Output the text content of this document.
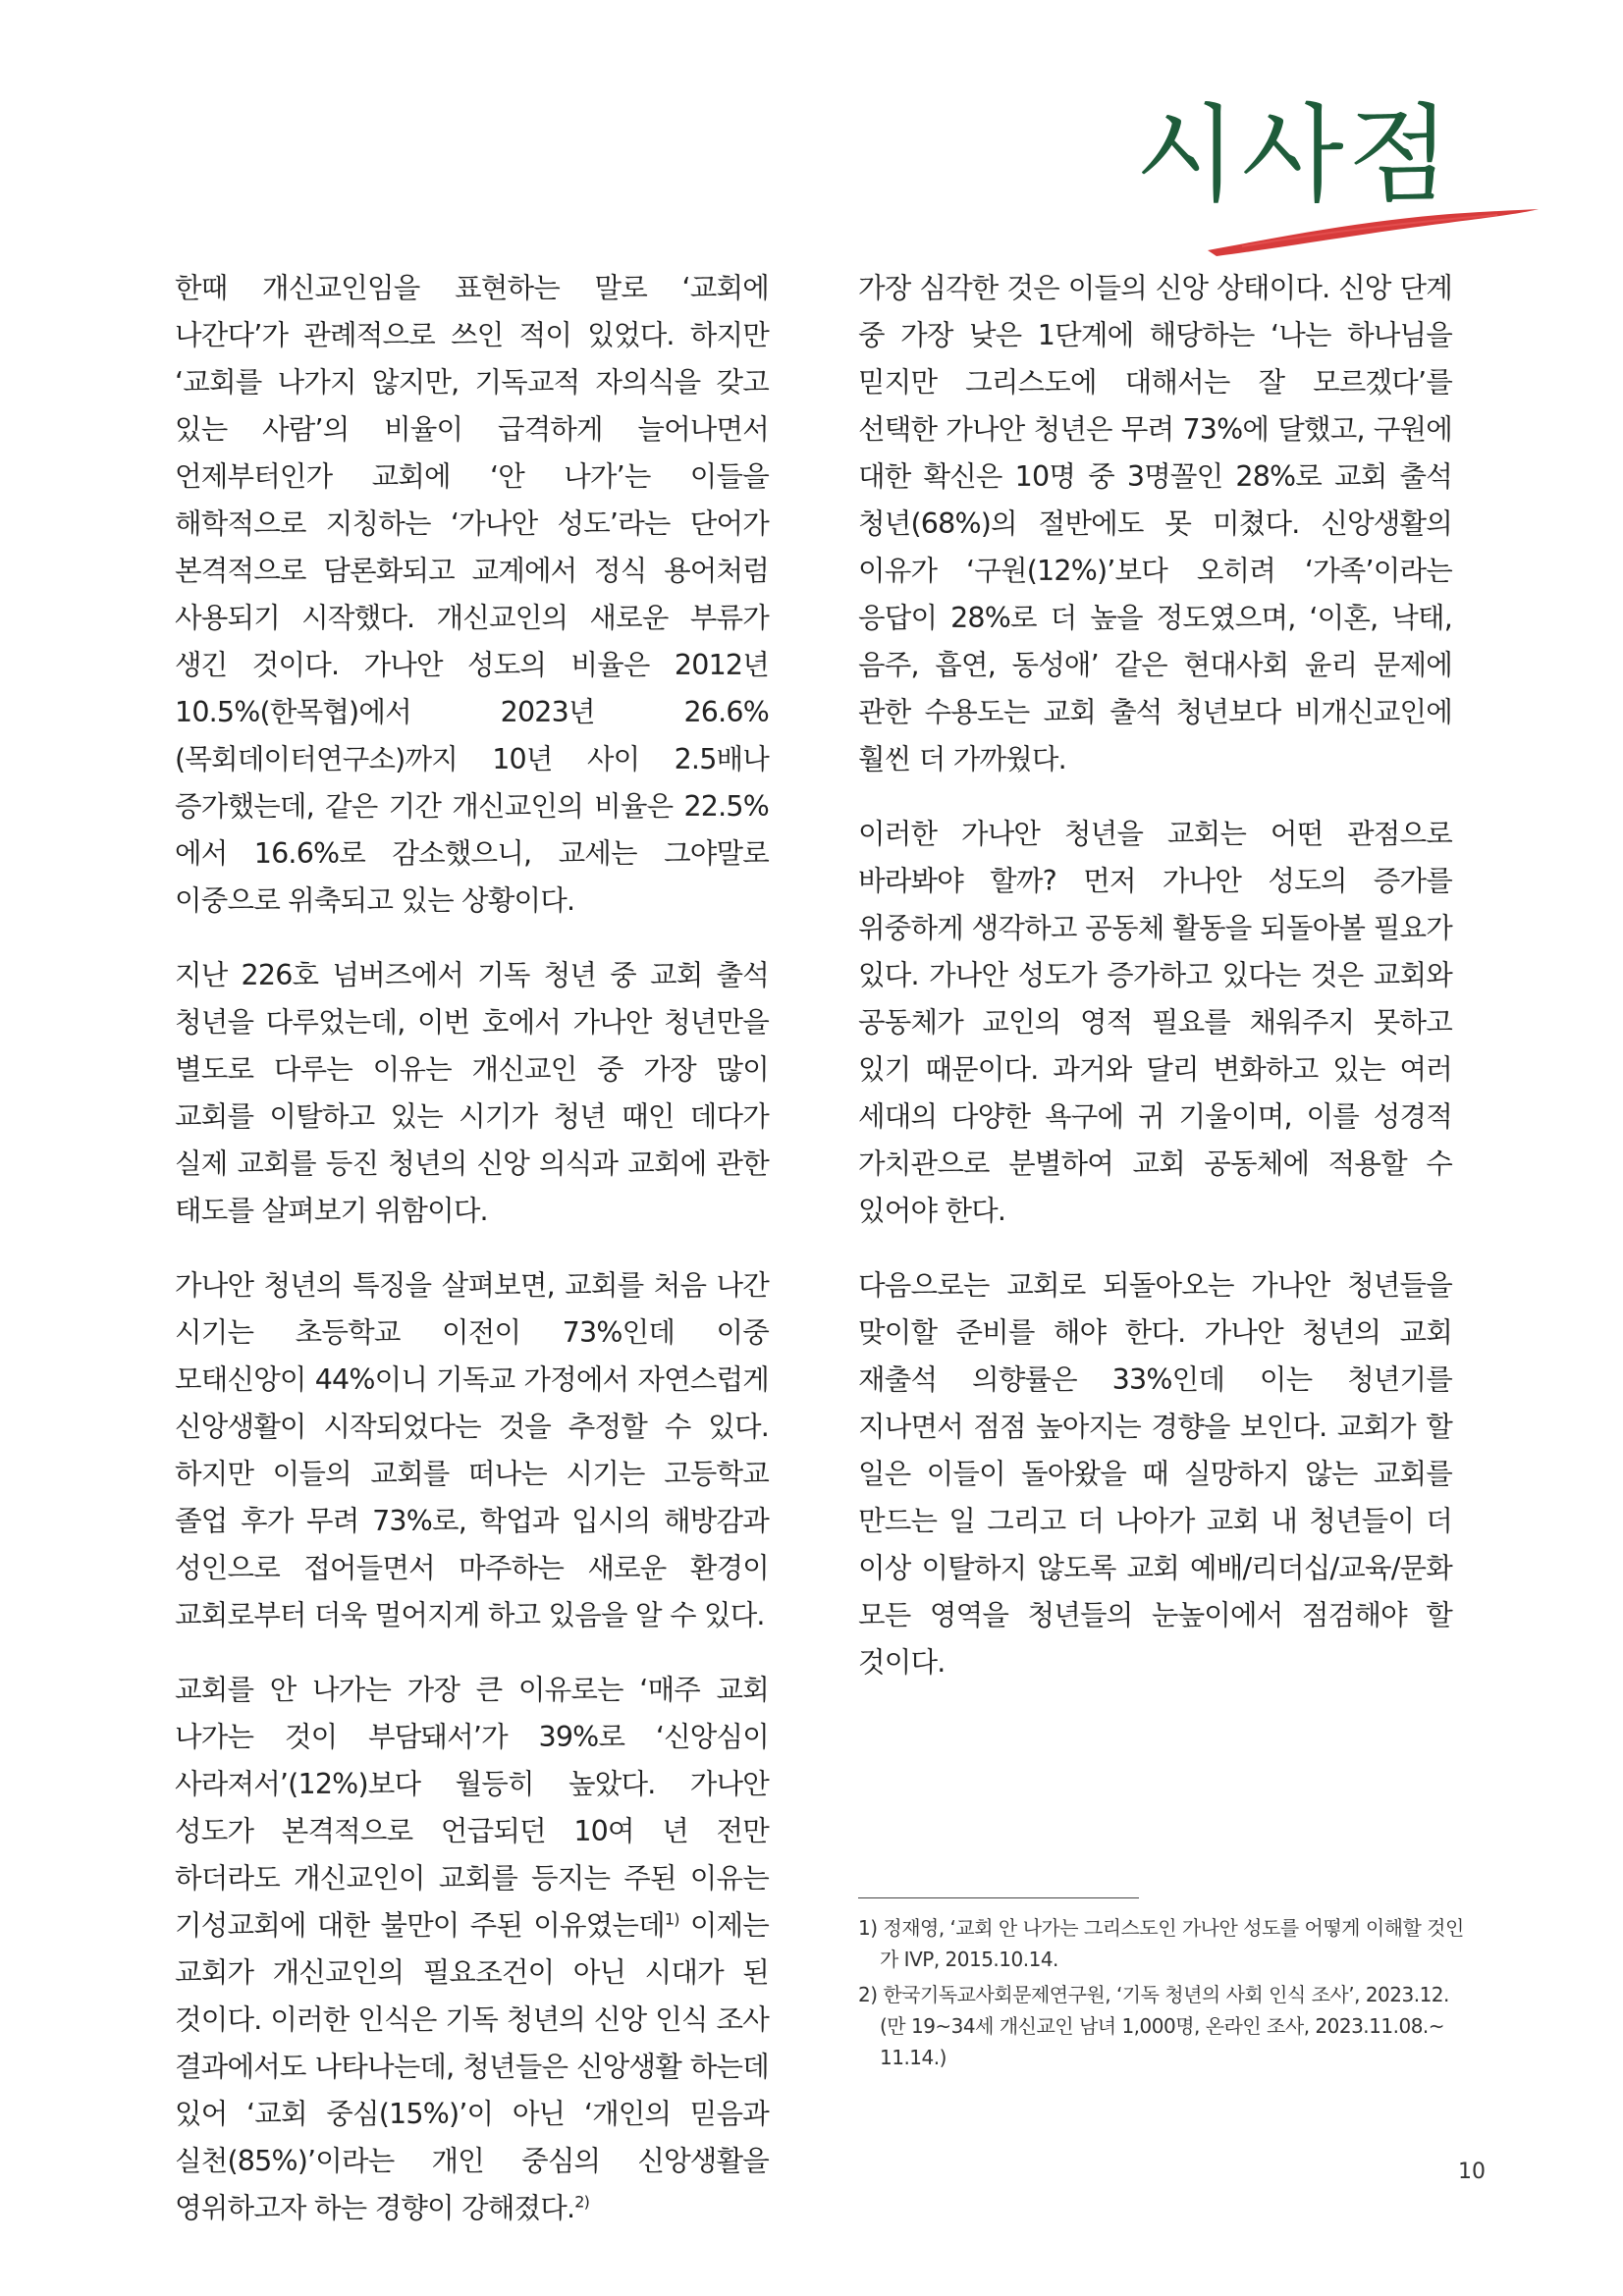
시사점

한때 개신교인임을 표현하는 말로 ‘교회에 나간다’가 관례적으로 쓰인 적이 있었다. 하지만 ‘교회를 나가지 않지만, 기독교적 자의식을 갖고 있는 사람’의 비율이 급격하게 늘어나면서 언제부터인가 교회에 ‘안 나가’는 이들을 해학적으로 지칭하는 ‘가나안 성도’라는 단어가 본격적으로 담론화되고 교계에서 정식 용어처럼 사용되기 시작했다. 개신교인의 새로운 부류가 생긴 것이다. 가나안 성도의 비율은 2012년 10.5%(한목협)에서 2023년 26.6%(목회데이터연구소)까지 10년 사이 2.5배나 증가했는데, 같은 기간 개신교인의 비율은 22.5%에서 16.6%로 감소했으니, 교세는 그야말로 이중으로 위축되고 있는 상황이다.

지난 226호 넘버즈에서 기독 청년 중 교회 출석 청년을 다루었는데, 이번 호에서 가나안 청년만을 별도로 다루는 이유는 개신교인 중 가장 많이 교회를 이탈하고 있는 시기가 청년 때인 데다가 실제 교회를 등진 청년의 신앙 의식과 교회에 관한 태도를 살펴보기 위함이다.

가나안 청년의 특징을 살펴보면, 교회를 처음 나간 시기는 초등학교 이전이 73%인데 이중 모태신앙이 44%이니 기독교 가정에서 자연스럽게 신앙생활이 시작되었다는 것을 추정할 수 있다. 하지만 이들의 교회를 떠나는 시기는 고등학교 졸업 후가 무려 73%로, 학업과 입시의 해방감과 성인으로 접어들면서 마주하는 새로운 환경이 교회로부터 더욱 멀어지게 하고 있음을 알 수 있다.

교회를 안 나가는 가장 큰 이유로는 ‘매주 교회 나가는 것이 부담돼서’가 39%로 ‘신앙심이 사라져서’(12%)보다 월등히 높았다. 가나안 성도가 본격적으로 언급되던 10여 년 전만 하더라도 개신교인이 교회를 등지는 주된 이유는 기성교회에 대한 불만이 주된 이유였는데$^{1)}$ 이제는 교회가 개신교인의 필요조건이 아닌 시대가 된 것이다. 이러한 인식은 기독 청년의 신앙 인식 조사 결과에서도 나타나는데, 청년들은 신앙생활 하는데 있어 ‘교회 중심(15%)’이 아닌 ‘개인의 믿음과 실천(85%)’이라는 개인 중심의 신앙생활을 영위하고자 하는 경향이 강해졌다.$^{2)}$

가장 심각한 것은 이들의 신앙 상태이다. 신앙 단계 중 가장 낮은 1단계에 해당하는 ‘나는 하나님을 믿지만 그리스도에 대해서는 잘 모르겠다’를 선택한 가나안 청년은 무려 73%에 달했고, 구원에 대한 확신은 10명 중 3명꼴인 28%로 교회 출석 청년(68%)의 절반에도 못 미쳤다. 신앙생활의 이유가 ‘구원(12%)’보다 오히려 ‘가족’이라는 응답이 28%로 더 높을 정도였으며, ‘이혼, 낙태, 음주, 흡연, 동성애’ 같은 현대사회 윤리 문제에 관한 수용도는 교회 출석 청년보다 비개신교인에 훨씬 더 가까웠다.

이러한 가나안 청년을 교회는 어떤 관점으로 바라봐야 할까? 먼저 가나안 성도의 증가를 위중하게 생각하고 공동체 활동을 되돌아볼 필요가 있다. 가나안 성도가 증가하고 있다는 것은 교회와 공동체가 교인의 영적 필요를 채워주지 못하고 있기 때문이다. 과거와 달리 변화하고 있는 여러 세대의 다양한 욕구에 귀 기울이며, 이를 성경적 가치관으로 분별하여 교회 공동체에 적용할 수 있어야 한다.

다음으로는 교회로 되돌아오는 가나안 청년들을 맞이할 준비를 해야 한다. 가나안 청년의 교회 재출석 의향률은 33%인데 이는 청년기를 지나면서 점점 높아지는 경향을 보인다. 교회가 할 일은 이들이 돌아왔을 때 실망하지 않는 교회를 만드는 일 그리고 더 나아가 교회 내 청년들이 더 이상 이탈하지 않도록 교회 예배/리더십/교육/문화 모든 영역을 청년들의 눈높이에서 점검해야 할 것이다.

1) 정재영, ‘교회 안 나가는 그리스도인 가나안 성도를 어떻게 이해할 것인
가 IVP, 2015.10.14.
2) 한국기독교사회문제연구원, ‘기독 청년의 사회 인식 조사’, 2023.12.
(만 19~34세 개신교인 남녀 1,000명, 온라인 조사, 2023.11.08.~
11.14.)
10
